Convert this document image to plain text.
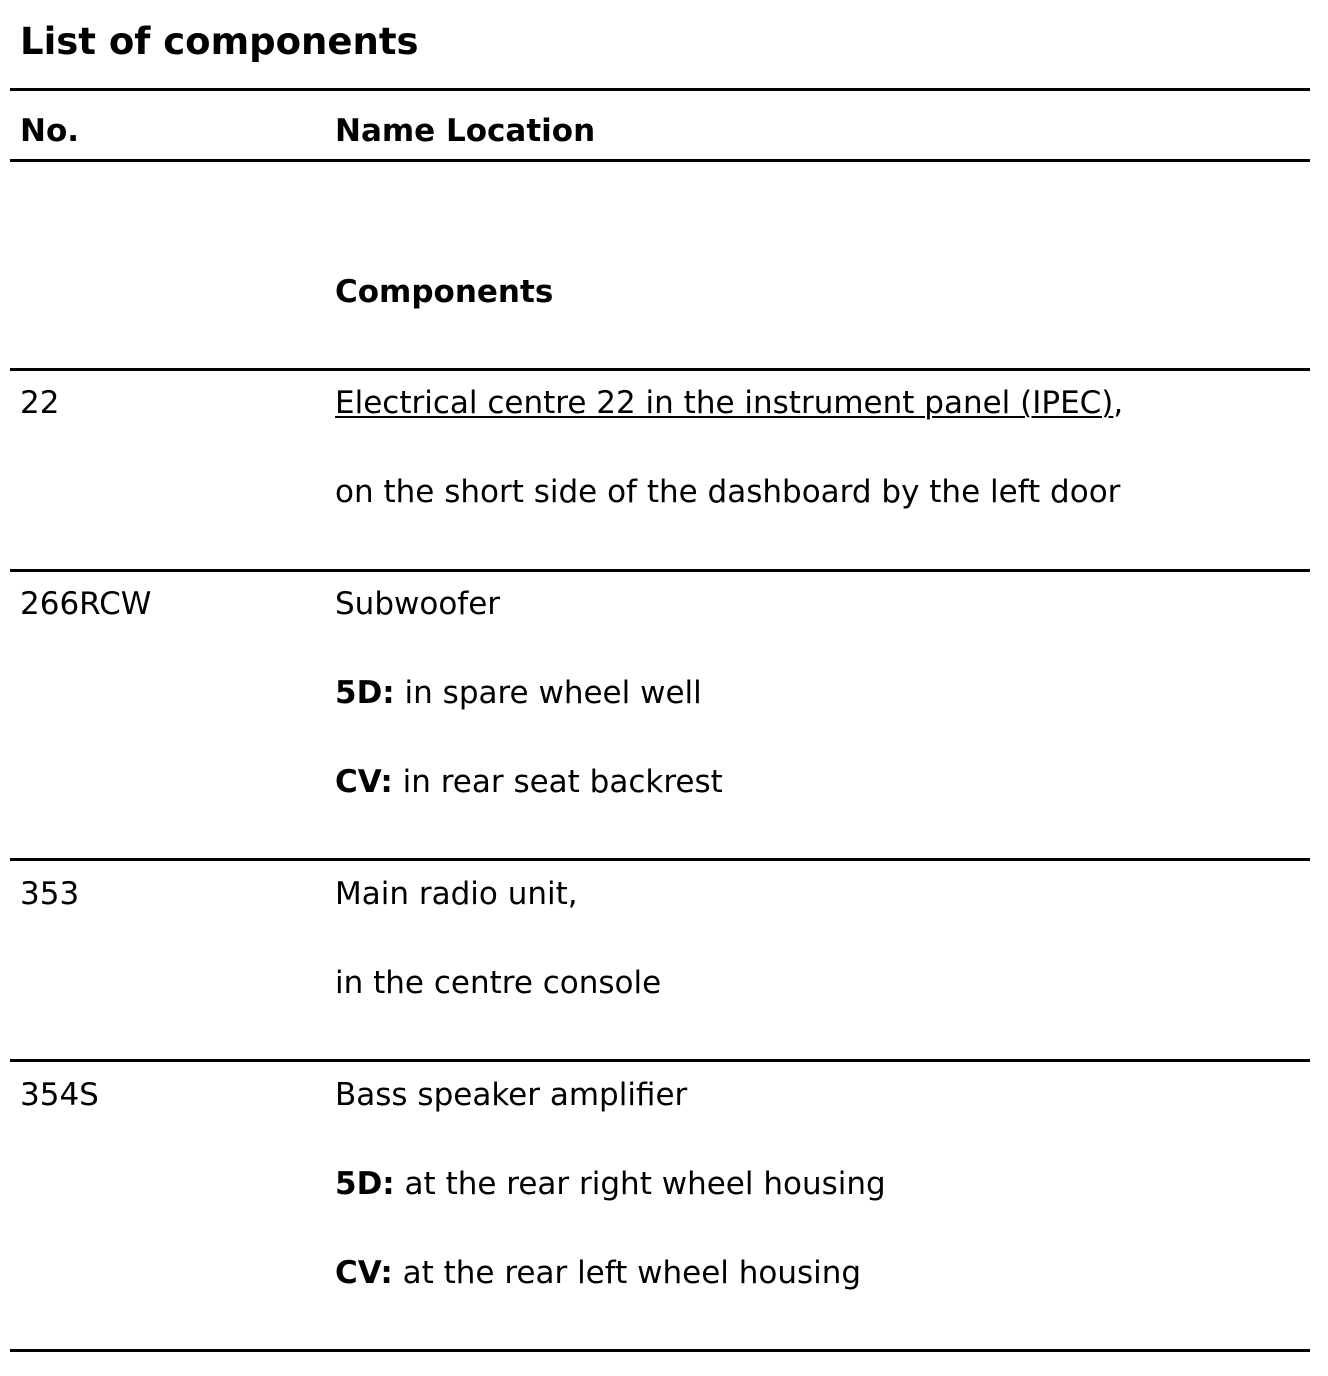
List of components
No.	Name Location
Components
22	Electrical centre 22 in the instrument panel (IPEC),
on the short side of the dashboard by the left door
266RCW	Subwoofer
5D: in spare wheel well
CV: in rear seat backrest
353	Main radio unit,
in the centre console
354S	Bass speaker amplifier
5D: at the rear right wheel housing
CV: at the rear left wheel housing
